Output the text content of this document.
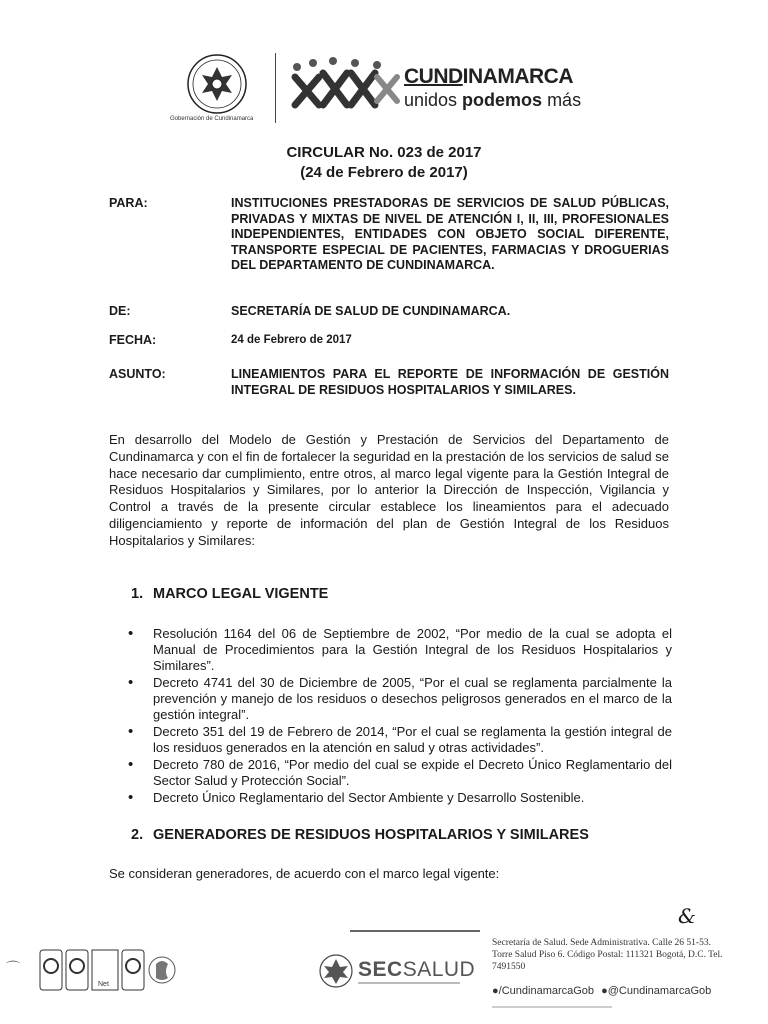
Gobernación de Cundinamarca
CUNDINAMARCA
unidos podemos más
CIRCULAR No. 023 de 2017
(24 de Febrero de 2017)
PARA:	INSTITUCIONES PRESTADORAS DE SERVICIOS DE SALUD PÚBLICAS, PRIVADAS Y MIXTAS DE NIVEL DE ATENCIÓN I, II, III, PROFESIONALES INDEPENDIENTES, ENTIDADES CON OBJETO SOCIAL DIFERENTE, TRANSPORTE ESPECIAL DE PACIENTES, FARMACIAS Y DROGUERIAS DEL DEPARTAMENTO DE CUNDINAMARCA.
DE:	SECRETARÍA DE SALUD DE CUNDINAMARCA.
FECHA:	24 de Febrero de 2017
ASUNTO:	LINEAMIENTOS PARA EL REPORTE DE INFORMACIÓN DE GESTIÓN INTEGRAL DE RESIDUOS HOSPITALARIOS Y SIMILARES.

En desarrollo del Modelo de Gestión y Prestación de Servicios del Departamento de Cundinamarca y con el fin de fortalecer la seguridad en la prestación de los servicios de salud se hace necesario dar cumplimiento, entre otros, al marco legal vigente para la Gestión Integral de Residuos Hospitalarios y Similares, por lo anterior la Dirección de Inspección, Vigilancia y Control a través de la presente circular establece los lineamientos para el adecuado diligenciamiento y reporte de información del plan de Gestión Integral de los Residuos Hospitalarios y Similares:

1. MARCO LEGAL VIGENTE
• Resolución 1164 del 06 de Septiembre de 2002, “Por medio de la cual se adopta el Manual de Procedimientos para la Gestión Integral de los Residuos Hospitalarios y Similares”.
• Decreto 4741 del 30 de Diciembre de 2005, “Por el cual se reglamenta parcialmente la prevención y manejo de los residuos o desechos peligrosos generados en el marco de la gestión integral”.
• Decreto 351 del 19 de Febrero de 2014, “Por el cual se reglamenta la gestión integral de los residuos generados en la atención en salud y otras actividades”.
• Decreto 780 de 2016, “Por medio del cual se expide el Decreto Único Reglamentario del Sector Salud y Protección Social”.
• Decreto Único Reglamentario del Sector Ambiente y Desarrollo Sostenible.
2. GENERADORES DE RESIDUOS HOSPITALARIOS Y SIMILARES
Se consideran generadores, de acuerdo con el marco legal vigente:
&
⌒
Net
SECSALUD
Secretaría de Salud. Sede Administrativa. Calle 26 51-53. Torre Salud Piso 6. Código Postal: 111321 Bogotá, D.C. Tel. 7491550
●/CundinamarcaGob ●@CundinamarcaGob
